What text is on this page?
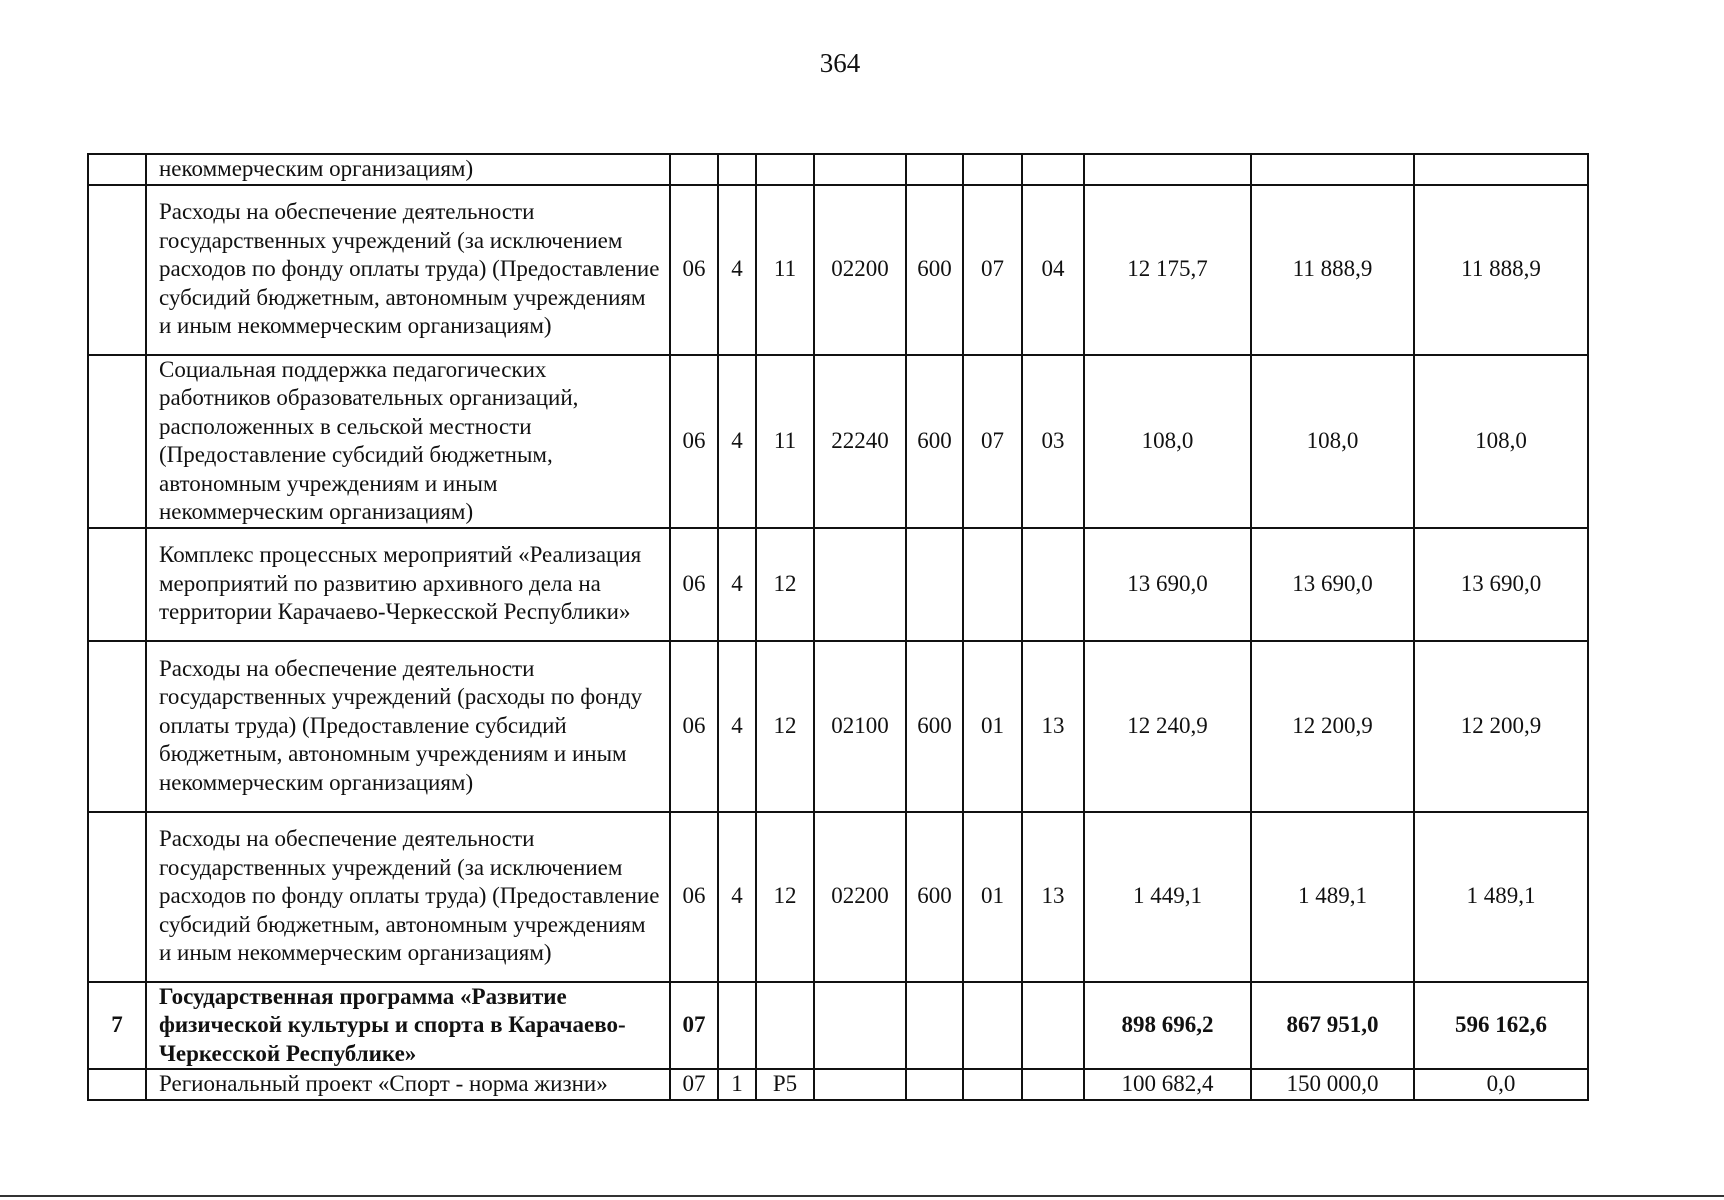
364
	некоммерческим организациям)										
	Расходы на обеспечение деятельности государственных учреждений (за исключением расходов по фонду оплаты труда) (Предоставление субсидий бюджетным, автономным учреждениям и иным некоммерческим организациям)	06	4	11	02200	600	07	04	12 175,7	11 888,9	11 888,9
	Социальная поддержка педагогических работников образовательных организаций, расположенных в сельской местности (Предоставление субсидий бюджетным, автономным учреждениям и иным некоммерческим организациям)	06	4	11	22240	600	07	03	108,0	108,0	108,0
	Комплекс процессных мероприятий «Реализация мероприятий по развитию архивного дела на территории Карачаево-Черкесской Республики»	06	4	12					13 690,0	13 690,0	13 690,0
	Расходы на обеспечение деятельности государственных учреждений (расходы по фонду оплаты труда) (Предоставление субсидий бюджетным, автономным учреждениям и иным некоммерческим организациям)	06	4	12	02100	600	01	13	12 240,9	12 200,9	12 200,9
	Расходы на обеспечение деятельности государственных учреждений (за исключением расходов по фонду оплаты труда) (Предоставление субсидий бюджетным, автономным учреждениям и иным некоммерческим организациям)	06	4	12	02200	600	01	13	1 449,1	1 489,1	1 489,1
7	Государственная программа «Развитие физической культуры и спорта в Карачаево-Черкесской Республике»	07							898 696,2	867 951,0	596 162,6
	Региональный проект «Спорт - норма жизни»	07	1	Р5					100 682,4	150 000,0	0,0
